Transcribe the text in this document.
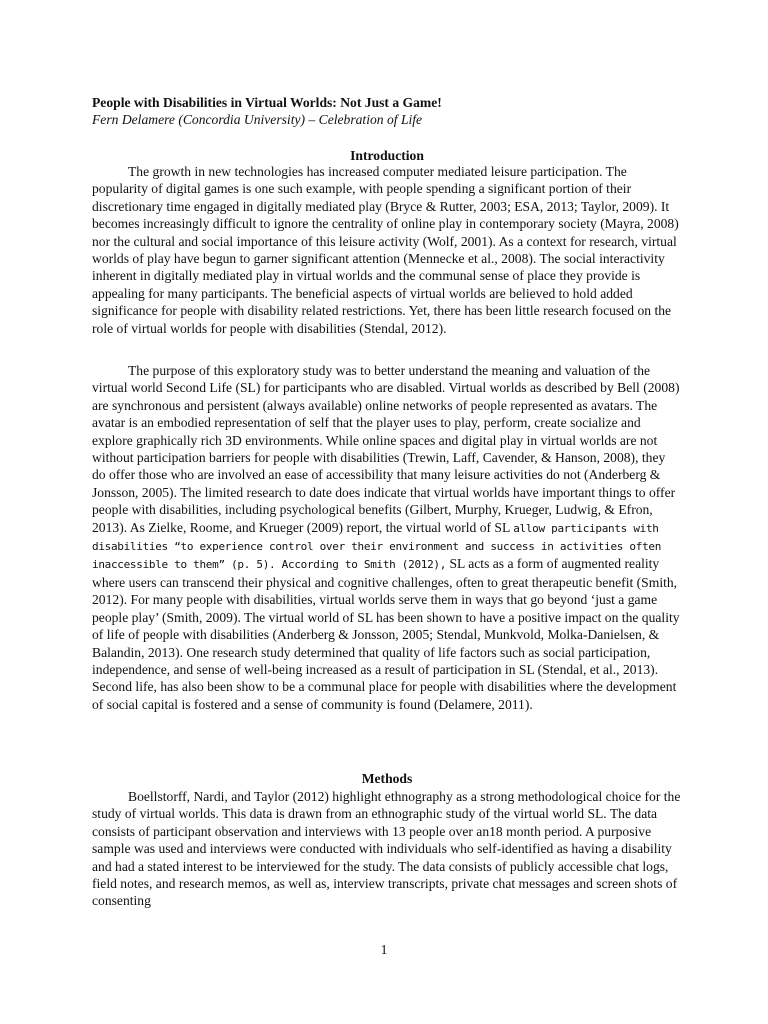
People with Disabilities in Virtual Worlds: Not Just a Game!
Fern Delamere (Concordia University) – Celebration of Life
Introduction

The growth in new technologies has increased computer mediated leisure participation. The popularity of digital games is one such example, with people spending a significant portion of their discretionary time engaged in digitally mediated play (Bryce & Rutter, 2003; ESA, 2013; Taylor, 2009). It becomes increasingly difficult to ignore the centrality of online play in contemporary society (Mayra, 2008) nor the cultural and social importance of this leisure activity (Wolf, 2001). As a context for research, virtual worlds of play have begun to garner significant attention (Mennecke et al., 2008). The social interactivity inherent in digitally mediated play in virtual worlds and the communal sense of place they provide is appealing for many participants. The beneficial aspects of virtual worlds are believed to hold added significance for people with disability related restrictions. Yet, there has been little research focused on the role of virtual worlds for people with disabilities (Stendal, 2012).

The purpose of this exploratory study was to better understand the meaning and valuation of the virtual world Second Life (SL) for participants who are disabled. Virtual worlds as described by Bell (2008) are synchronous and persistent (always available) online networks of people represented as avatars. The avatar is an embodied representation of self that the player uses to play, perform, create socialize and explore graphically rich 3D environments. While online spaces and digital play in virtual worlds are not without participation barriers for people with disabilities (Trewin, Laff, Cavender, & Hanson, 2008), they do offer those who are involved an ease of accessibility that many leisure activities do not (Anderberg & Jonsson, 2005). The limited research to date does indicate that virtual worlds have important things to offer people with disabilities, including psychological benefits (Gilbert, Murphy, Krueger, Ludwig, & Efron, 2013). As Zielke, Roome, and Krueger (2009) report, the virtual world of SL allow participants with disabilities “to experience control over their environment and success in activities often inaccessible to them” (p. 5). According to Smith (2012), SL acts as a form of augmented reality where users can transcend their physical and cognitive challenges, often to great therapeutic benefit (Smith, 2012). For many people with disabilities, virtual worlds serve them in ways that go beyond ‘just a game people play’ (Smith, 2009). The virtual world of SL has been shown to have a positive impact on the quality of life of people with disabilities (Anderberg & Jonsson, 2005; Stendal, Munkvold, Molka-Danielsen, & Balandin, 2013). One research study determined that quality of life factors such as social participation, independence, and sense of well-being increased as a result of participation in SL (Stendal, et al., 2013). Second life, has also been show to be a communal place for people with disabilities where the development of social capital is fostered and a sense of community is found (Delamere, 2011).

Methods

Boellstorff, Nardi, and Taylor (2012) highlight ethnography as a strong methodological choice for the study of virtual worlds. This data is drawn from an ethnographic study of the virtual world SL. The data consists of participant observation and interviews with 13 people over an18 month period. A purposive sample was used and interviews were conducted with individuals who self-identified as having a disability and had a stated interest to be interviewed for the study. The data consists of publicly accessible chat logs, field notes, and research memos, as well as, interview transcripts, private chat messages and screen shots of consenting

1
